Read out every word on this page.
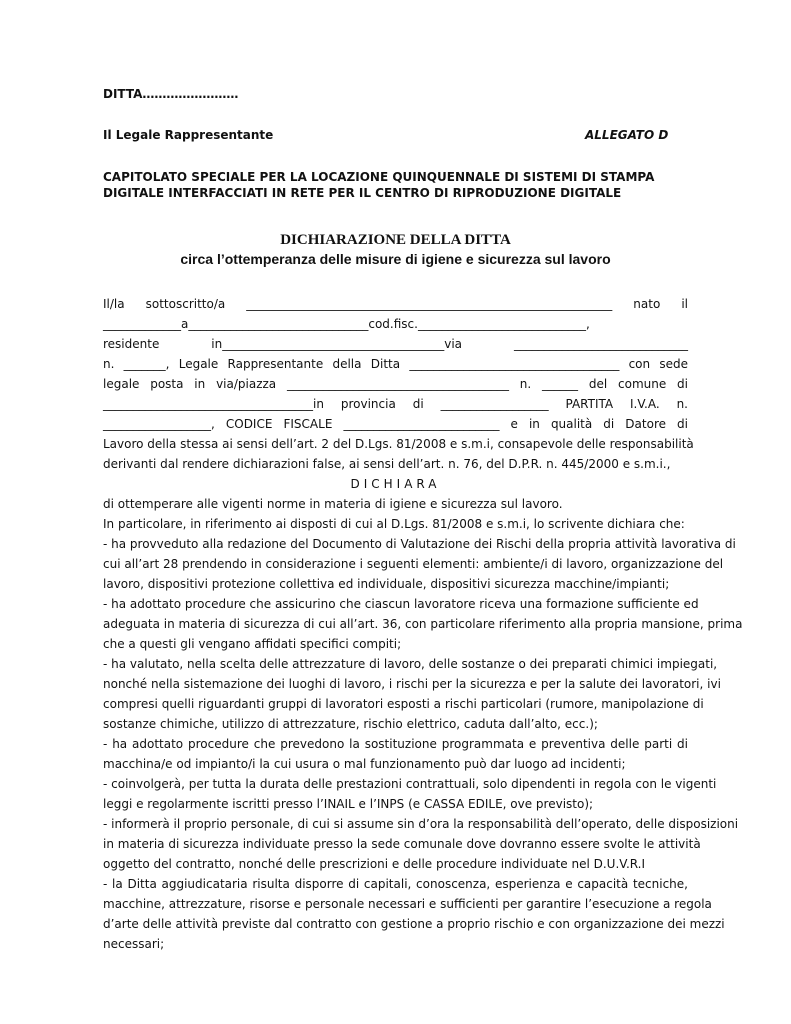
DITTA……………………
Il Legale Rappresentante	ALLEGATO D
CAPITOLATO SPECIALE PER LA LOCAZIONE QUINQUENNALE DI SISTEMI DI STAMPA
DIGITALE INTERFACCIATI IN RETE PER IL CENTRO DI RIPRODUZIONE DIGITALE
DICHIARAZIONE DELLA DITTA
circa l’ottemperanza delle misure di igiene e sicurezza sul lavoro
Il/la sottoscritto/a _____________________________________________________________ nato il
_____________a______________________________cod.fisc.____________________________,
residente in_____________________________________via _____________________________
n. _______, Legale Rappresentante della Ditta ___________________________________ con sede
legale posta in via/piazza _____________________________________ n. ______ del comune di
___________________________________in provincia di __________________ PARTITA I.V.A. n.
__________________, CODICE FISCALE __________________________ e in qualità di Datore di
Lavoro della stessa ai sensi dell’art. 2 del D.Lgs. 81/2008 e s.m.i, consapevole delle responsabilità
derivanti dal rendere dichiarazioni false, ai sensi dell’art. n. 76, del D.P.R. n. 445/2000 e s.m.i.,
DICHIARA
di ottemperare alle vigenti norme in materia di igiene e sicurezza sul lavoro.
In particolare, in riferimento ai disposti di cui al D.Lgs. 81/2008 e s.m.i, lo scrivente dichiara che:
- ha provveduto alla redazione del Documento di Valutazione dei Rischi della propria attività lavorativa di
cui all’art 28 prendendo in considerazione i seguenti elementi: ambiente/i di lavoro, organizzazione del
lavoro, dispositivi protezione collettiva ed individuale, dispositivi sicurezza macchine/impianti;
- ha adottato procedure che assicurino che ciascun lavoratore riceva una formazione sufficiente ed
adeguata in materia di sicurezza di cui all’art. 36, con particolare riferimento alla propria mansione, prima
che a questi gli vengano affidati specifici compiti;
- ha valutato, nella scelta delle attrezzature di lavoro, delle sostanze o dei preparati chimici impiegati,
nonché nella sistemazione dei luoghi di lavoro, i rischi per la sicurezza e per la salute dei lavoratori, ivi
compresi quelli riguardanti gruppi di lavoratori esposti a rischi particolari (rumore, manipolazione di
sostanze chimiche, utilizzo di attrezzature, rischio elettrico, caduta dall’alto, ecc.);
- ha adottato procedure che prevedono la sostituzione programmata e preventiva delle parti di
macchina/e od impianto/i la cui usura o mal funzionamento può dar luogo ad incidenti;
- coinvolgerà, per tutta la durata delle prestazioni contrattuali, solo dipendenti in regola con le vigenti
leggi e regolarmente iscritti presso l’INAIL e l’INPS (e CASSA EDILE, ove previsto);
- informerà il proprio personale, di cui si assume sin d’ora la responsabilità dell’operato, delle disposizioni
in materia di sicurezza individuate presso la sede comunale dove dovranno essere svolte le attività
oggetto del contratto, nonché delle prescrizioni e delle procedure individuate nel D.U.V.R.I
- la Ditta aggiudicataria risulta disporre di capitali, conoscenza, esperienza e capacità tecniche,
macchine, attrezzature, risorse e personale necessari e sufficienti per garantire l’esecuzione a regola
d’arte delle attività previste dal contratto con gestione a proprio rischio e con organizzazione dei mezzi
necessari;
